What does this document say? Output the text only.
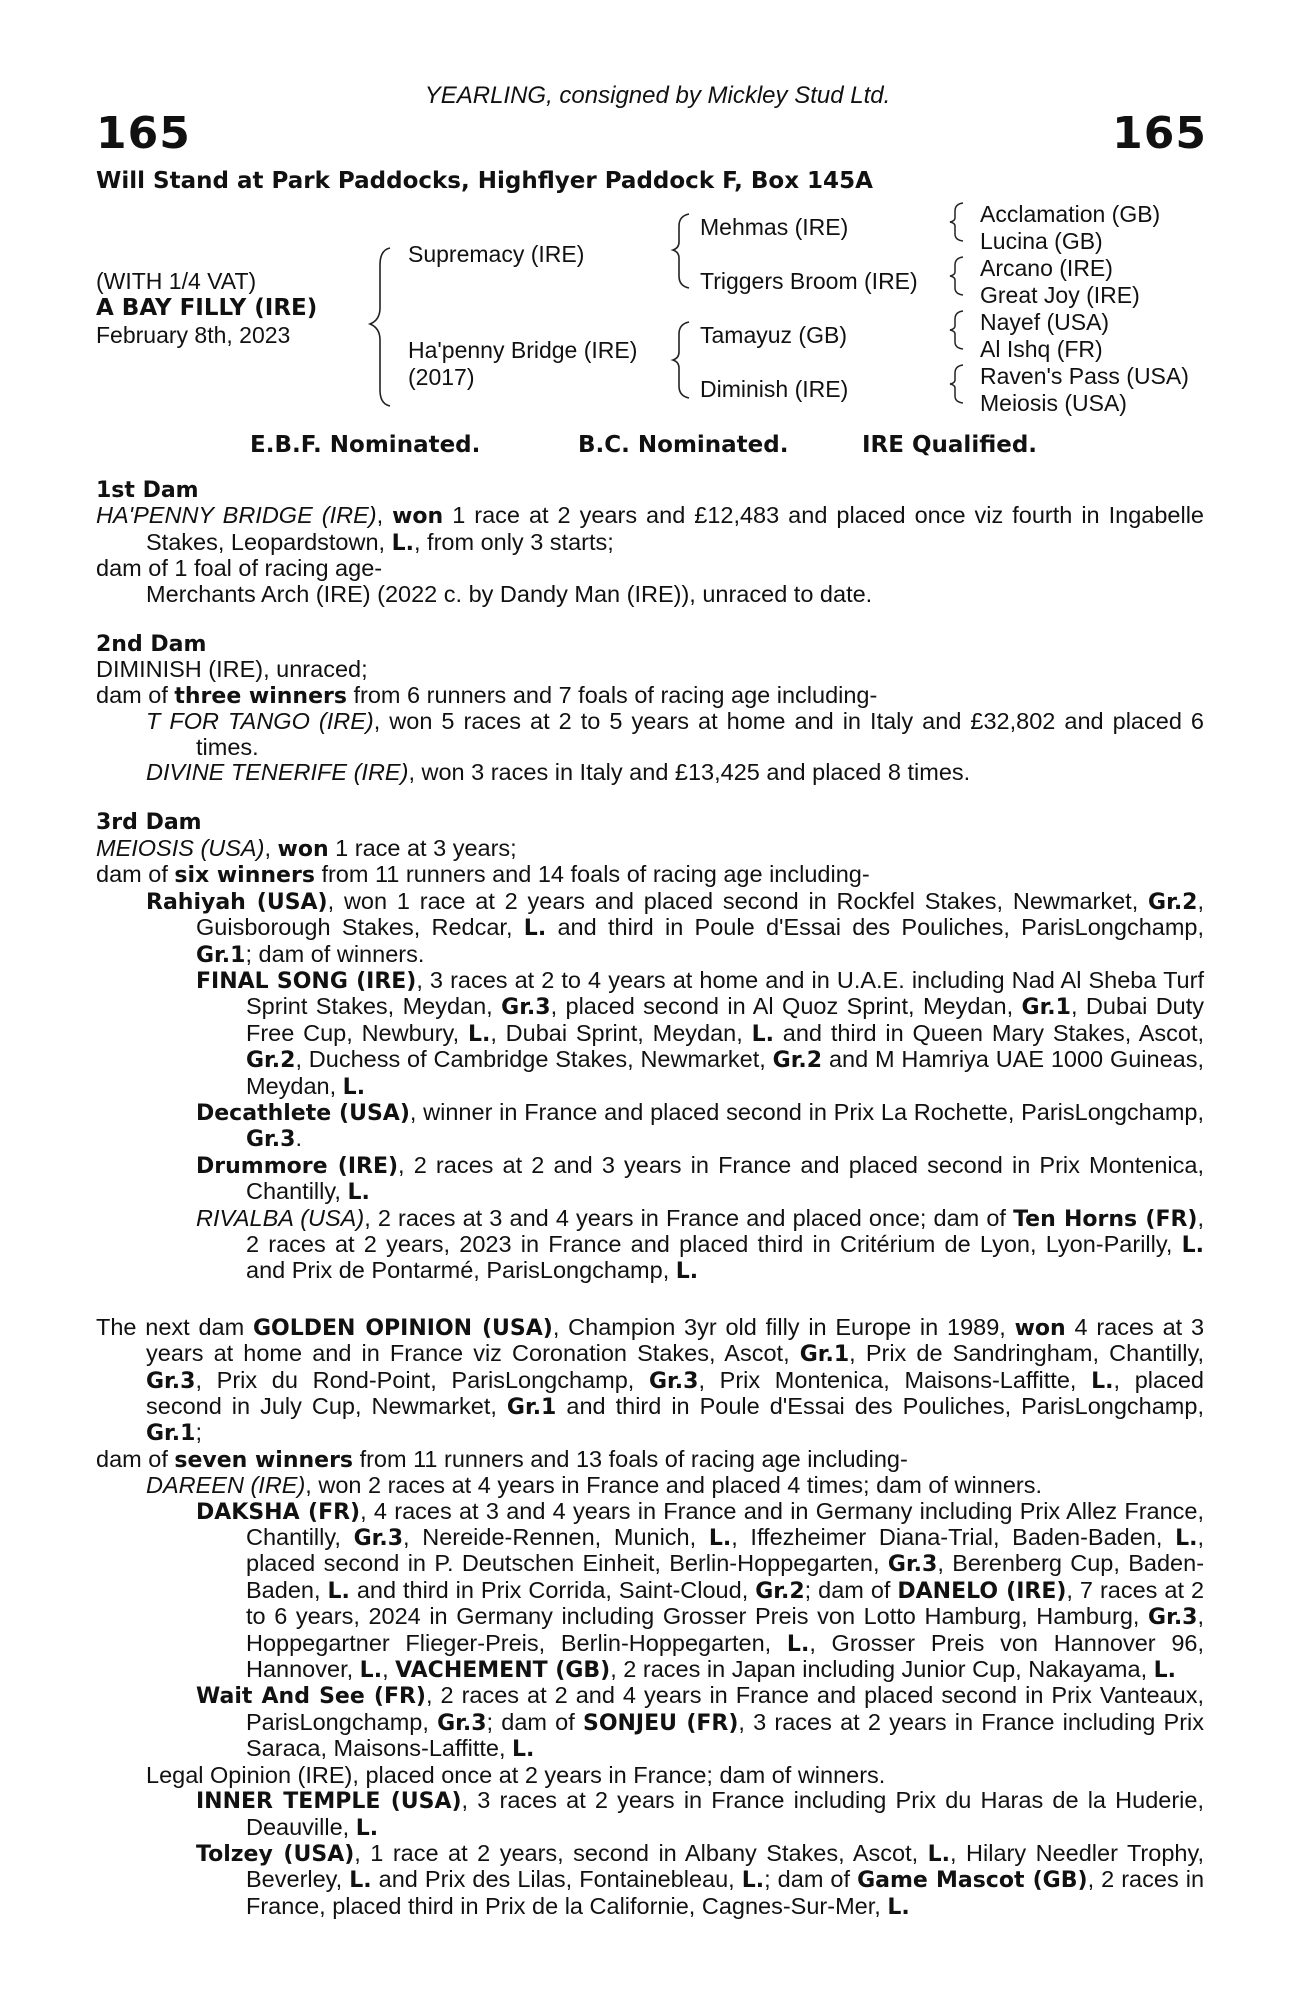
165	165
YEARLING, consigned by Mickley Stud Ltd.
Will Stand at Park Paddocks, Highflyer Paddock F, Box 145A
(WITH 1/4 VAT)
A BAY FILLY (IRE)
February 8th, 2023
Supremacy (IRE)
Ha'penny Bridge (IRE)
(2017)
Mehmas (IRE)
Triggers Broom (IRE)
Tamayuz (GB)
Diminish (IRE)
Acclamation (GB)
Lucina (GB)
Arcano (IRE)
Great Joy (IRE)
Nayef (USA)
Al Ishq (FR)
Raven's Pass (USA)
Meiosis (USA)
E.B.F. Nominated.	B.C. Nominated.	IRE Qualified.

1st Dam

HA'PENNY BRIDGE (IRE), won 1 race at 2 years and £12,483 and placed once viz fourth in Ingabelle Stakes, Leopardstown, L., from only 3 starts;

dam of 1 foal of racing age-

Merchants Arch (IRE) (2022 c. by Dandy Man (IRE)), unraced to date.

2nd Dam

DIMINISH (IRE), unraced;

dam of three winners from 6 runners and 7 foals of racing age including-

T FOR TANGO (IRE), won 5 races at 2 to 5 years at home and in Italy and £32,802 and placed 6 times.

DIVINE TENERIFE (IRE), won 3 races in Italy and £13,425 and placed 8 times.

3rd Dam

MEIOSIS (USA), won 1 race at 3 years;

dam of six winners from 11 runners and 14 foals of racing age including-

Rahiyah (USA), won 1 race at 2 years and placed second in Rockfel Stakes, Newmarket, Gr.2, Guisborough Stakes, Redcar, L. and third in Poule d'Essai des Pouliches, ParisLongchamp, Gr.1; dam of winners.

FINAL SONG (IRE), 3 races at 2 to 4 years at home and in U.A.E. including Nad Al Sheba Turf Sprint Stakes, Meydan, Gr.3, placed second in Al Quoz Sprint, Meydan, Gr.1, Dubai Duty Free Cup, Newbury, L., Dubai Sprint, Meydan, L. and third in Queen Mary Stakes, Ascot, Gr.2, Duchess of Cambridge Stakes, Newmarket, Gr.2 and M Hamriya UAE 1000 Guineas, Meydan, L.

Decathlete (USA), winner in France and placed second in Prix La Rochette, ParisLongchamp, Gr.3.

Drummore (IRE), 2 races at 2 and 3 years in France and placed second in Prix Montenica, Chantilly, L.

RIVALBA (USA), 2 races at 3 and 4 years in France and placed once; dam of Ten Horns (FR), 2 races at 2 years, 2023 in France and placed third in Critérium de Lyon, Lyon-Parilly, L. and Prix de Pontarmé, ParisLongchamp, L.

The next dam GOLDEN OPINION (USA), Champion 3yr old filly in Europe in 1989, won 4 races at 3 years at home and in France viz Coronation Stakes, Ascot, Gr.1, Prix de Sandringham, Chantilly, Gr.3, Prix du Rond-Point, ParisLongchamp, Gr.3, Prix Montenica, Maisons-Laffitte, L., placed second in July Cup, Newmarket, Gr.1 and third in Poule d'Essai des Pouliches, ParisLongchamp, Gr.1;

dam of seven winners from 11 runners and 13 foals of racing age including-

DAREEN (IRE), won 2 races at 4 years in France and placed 4 times; dam of winners.

DAKSHA (FR), 4 races at 3 and 4 years in France and in Germany including Prix Allez France, Chantilly, Gr.3, Nereide-Rennen, Munich, L., Iffezheimer Diana-Trial, Baden-Baden, L., placed second in P. Deutschen Einheit, Berlin-Hoppegarten, Gr.3, Berenberg Cup, Baden-Baden, L. and third in Prix Corrida, Saint-Cloud, Gr.2; dam of DANELO (IRE), 7 races at 2 to 6 years, 2024 in Germany including Grosser Preis von Lotto Hamburg, Hamburg, Gr.3, Hoppegartner Flieger-Preis, Berlin-Hoppegarten, L., Grosser Preis von Hannover 96, Hannover, L., VACHEMENT (GB), 2 races in Japan including Junior Cup, Nakayama, L.

Wait And See (FR), 2 races at 2 and 4 years in France and placed second in Prix Vanteaux, ParisLongchamp, Gr.3; dam of SONJEU (FR), 3 races at 2 years in France including Prix Saraca, Maisons-Laffitte, L.

Legal Opinion (IRE), placed once at 2 years in France; dam of winners.

INNER TEMPLE (USA), 3 races at 2 years in France including Prix du Haras de la Huderie, Deauville, L.

Tolzey (USA), 1 race at 2 years, second in Albany Stakes, Ascot, L., Hilary Needler Trophy, Beverley, L. and Prix des Lilas, Fontainebleau, L.; dam of Game Mascot (GB), 2 races in France, placed third in Prix de la Californie, Cagnes-Sur-Mer, L.
